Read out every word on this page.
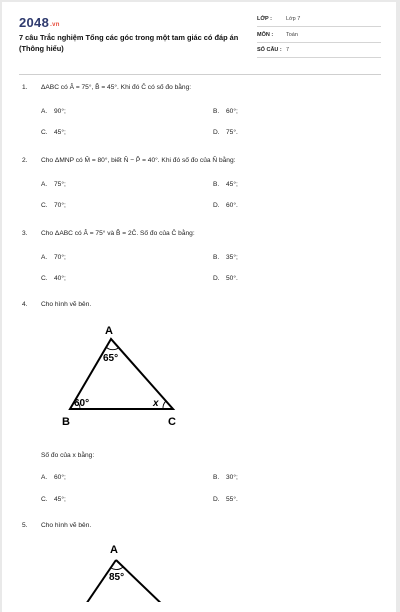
2048.vn
7 câu Trắc nghiệm Tổng các góc trong một tam giác có đáp án (Thông hiểu)
LỚP :	Lớp 7
MÔN : Toán
SỐ CÂU : 7
1. ΔABC có Â = 75°, B̂ = 45°. Khi đó Ĉ có số đo bằng:
A. 90°;	B. 60°;
C. 45°;	D. 75°.
2. Cho ΔMNP có M̂ = 80°, biết N̂ − P̂ = 40°. Khi đó số đo của N̂ bằng:
A. 75°;	B. 45°;
C. 70°;	D. 60°.
3. Cho ΔABC có Â = 75° và B̂ = 2Ĉ. Số đo của Ĉ bằng:
A. 70°;	B. 35°;
C. 40°;	D. 50°.
4. Cho hình vẽ bên.
A
B	C
65°
60°	x
Số đo của x bằng:
A. 60°;	B. 30°;
C. 45°;	D. 55°.
5. Cho hình vẽ bên.
A
85°
